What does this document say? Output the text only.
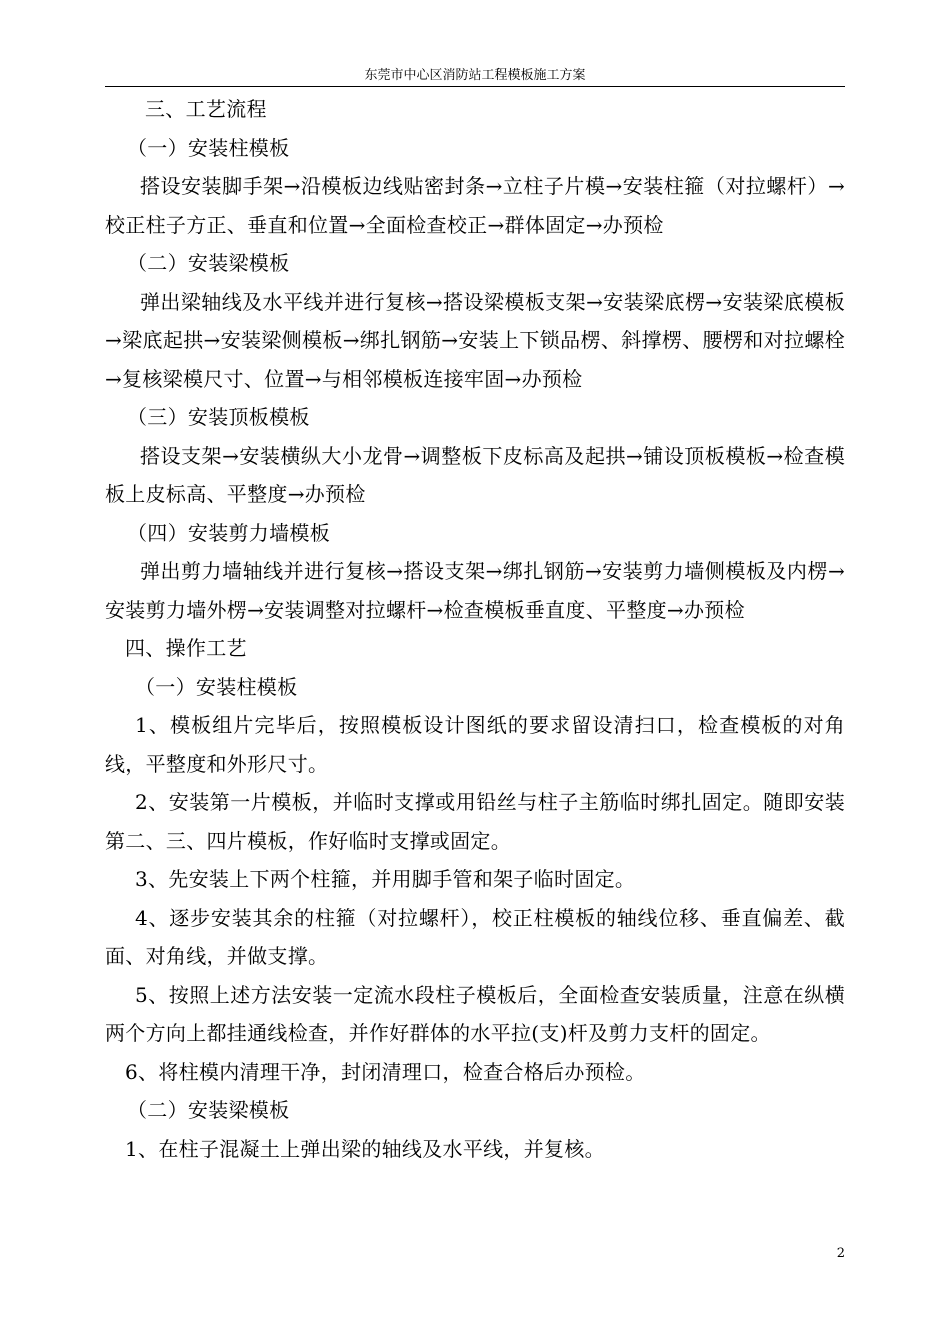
东莞市中心区消防站工程模板施工方案

三、工艺流程

（一）安装柱模板

搭设安装脚手架→沿模板边线贴密封条→立柱子片模→安装柱箍（对拉螺杆）→校正柱子方正、垂直和位置→全面检查校正→群体固定→办预检

（二）安装梁模板

弹出梁轴线及水平线并进行复核→搭设梁模板支架→安装梁底楞→安装梁底模板→梁底起拱→安装梁侧模板→绑扎钢筋→安装上下锁品楞、斜撑楞、腰楞和对拉螺栓→复核梁模尺寸、位置→与相邻模板连接牢固→办预检

（三）安装顶板模板

搭设支架→安装横纵大小龙骨→调整板下皮标高及起拱→铺设顶板模板→检查模板上皮标高、平整度→办预检

（四）安装剪力墙模板

弹出剪力墙轴线并进行复核→搭设支架→绑扎钢筋→安装剪力墙侧模板及内楞→安装剪力墙外楞→安装调整对拉螺杆→检查模板垂直度、平整度→办预检

四、操作工艺

（一）安装柱模板

1、模板组片完毕后，按照模板设计图纸的要求留设清扫口，检查模板的对角线，平整度和外形尺寸。

2、安装第一片模板，并临时支撑或用铅丝与柱子主筋临时绑扎固定。随即安装第二、三、四片模板，作好临时支撑或固定。

3、先安装上下两个柱箍，并用脚手管和架子临时固定。

4、逐步安装其余的柱箍（对拉螺杆），校正柱模板的轴线位移、垂直偏差、截面、对角线，并做支撑。

5、按照上述方法安装一定流水段柱子模板后，全面检查安装质量，注意在纵横两个方向上都挂通线检查，并作好群体的水平拉(支)杆及剪力支杆的固定。

6、将柱模内清理干净，封闭清理口，检查合格后办预检。

（二）安装梁模板

1、在柱子混凝土上弹出梁的轴线及水平线，并复核。

2
